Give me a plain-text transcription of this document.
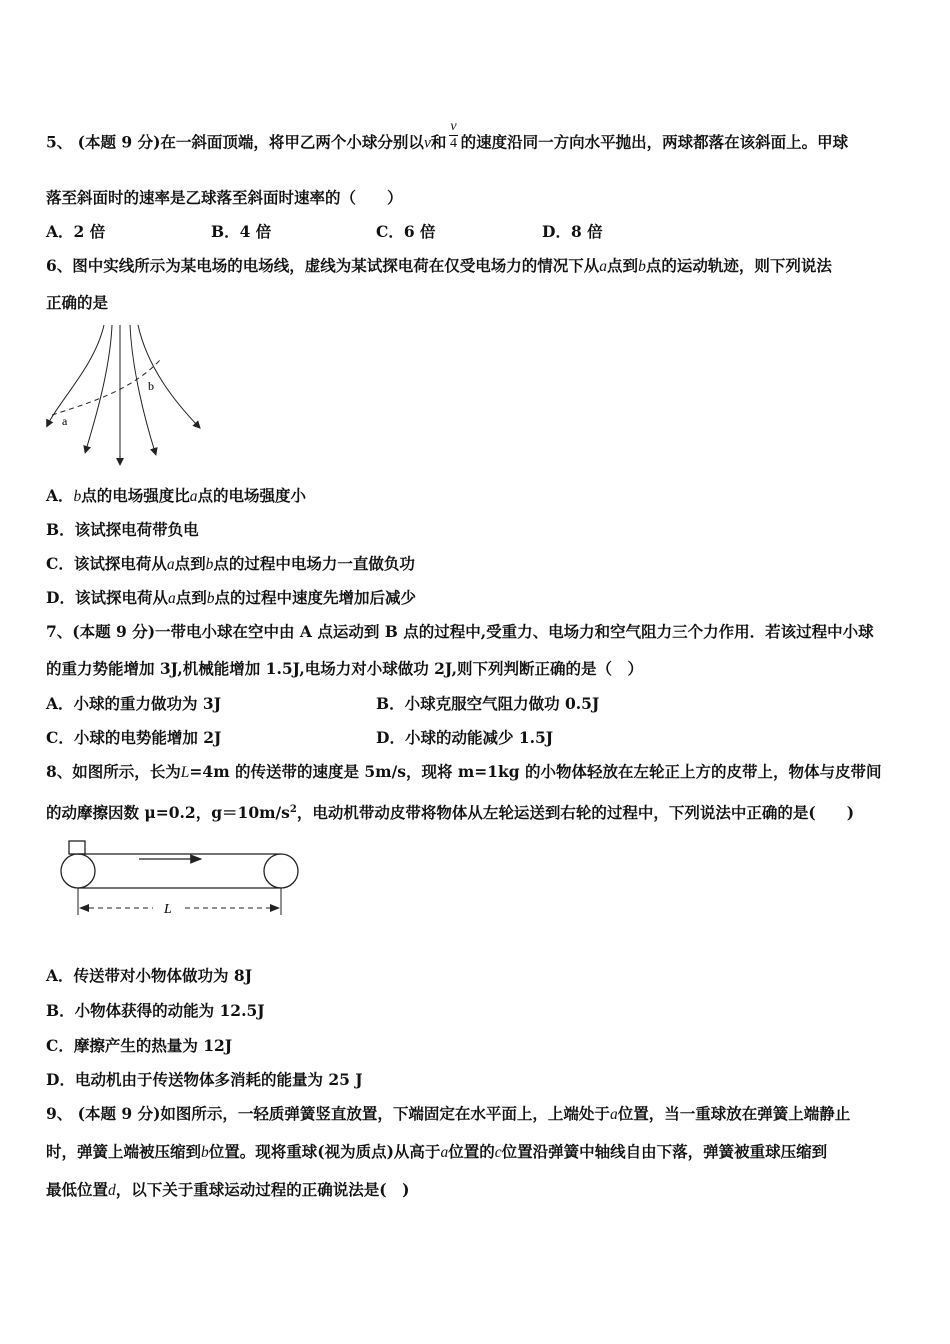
5、 (本题 9 分)在一斜面顶端，将甲乙两个小球分别以v和 $\frac{v}{4}$ 的速度沿同一方向水平抛出，两球都落在该斜面上。甲球
落至斜面时的速率是乙球落至斜面时速率的（　　）
A．2 倍	B．4 倍	C．6 倍	D．8 倍
6、图中实线所示为某电场的电场线，虚线为某试探电荷在仅受电场力的情况下从a点到b点的运动轨迹，则下列说法
正确的是
a
b
A．b点的电场强度比a点的电场强度小
B．该试探电荷带负电
C．该试探电荷从a点到b点的过程中电场力一直做负功
D．该试探电荷从a点到b点的过程中速度先增加后减少
7、(本题 9 分)一带电小球在空中由 A 点运动到 B 点的过程中,受重力、电场力和空气阻力三个力作用．若该过程中小球
的重力势能增加 3J,机械能增加 1.5J,电场力对小球做功 2J,则下列判断正确的是（　）
A．小球的重力做功为 3J	B．小球克服空气阻力做功 0.5J
C．小球的电势能增加 2J	D．小球的动能减少 1.5J
8、如图所示，长为L=4m 的传送带的速度是 5m/s，现将 m=1kg 的小物体轻放在左轮正上方的皮带上，物体与皮带间
的动摩擦因数 μ=0.2，$g=10m/s^2$，电动机带动皮带将物体从左轮运送到右轮的过程中，下列说法中正确的是(　　)
L
A．传送带对小物体做功为 8J
B．小物体获得的动能为 12.5J
C．摩擦产生的热量为 12J
D．电动机由于传送物体多消耗的能量为 25 J
9、 (本题 9 分)如图所示，一轻质弹簧竖直放置，下端固定在水平面上，上端处于a位置，当一重球放在弹簧上端静止
时，弹簧上端被压缩到b位置。现将重球(视为质点)从高于a位置的c位置沿弹簧中轴线自由下落，弹簧被重球压缩到
最低位置d，以下关于重球运动过程的正确说法是(　)
